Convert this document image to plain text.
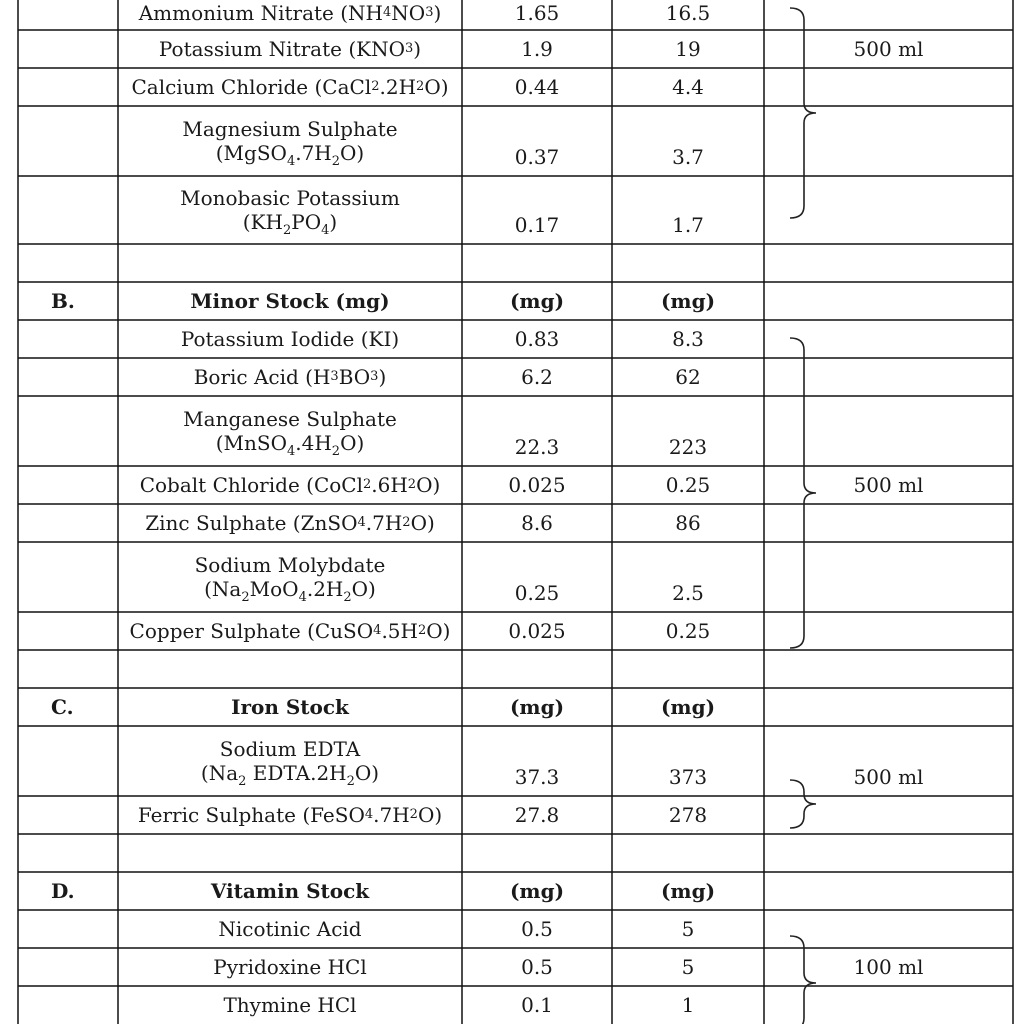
Ammonium Nitrate (NH 4 NO 3 )	1.65	16.5
Potassium Nitrate (KNO 3 )	1.9	19	500 ml
Calcium Chloride (CaCl 2 .2H 2 O)	0.44	4.4
Magnesium Sulphate
$(MgSO_4.7H_2O)$	0.37	3.7
Monobasic Potassium
$(KH_2PO_4)$	0.17	1.7
B.	Minor Stock (mg)	(mg)	(mg)
Potassium Iodide (KI)	0.83	8.3
Boric Acid (H 3 BO 3 )	6.2	62
Manganese Sulphate
$(MnSO_4.4H_2O)$	22.3	223
Cobalt Chloride (CoCl 2 .6H 2 O)	0.025	0.25	500 ml
Zinc Sulphate (ZnSO 4 .7H 2 O)	8.6	86
Sodium Molybdate
$(Na_2MoO_4.2H_2O)$	0.25	2.5
Copper Sulphate (CuSO 4 .5H 2 O)	0.025	0.25
C.	Iron Stock	(mg)	(mg)
Sodium EDTA
($Na_2$ $EDTA.2H_2O$)	37.3	373	500 ml
Ferric Sulphate (FeSO 4 .7H 2 O)	27.8	278
D.	Vitamin Stock	(mg)	(mg)
Nicotinic Acid	0.5	5
Pyridoxine HCl	0.5	5	100 ml
Thymine HCl	0.1	1
